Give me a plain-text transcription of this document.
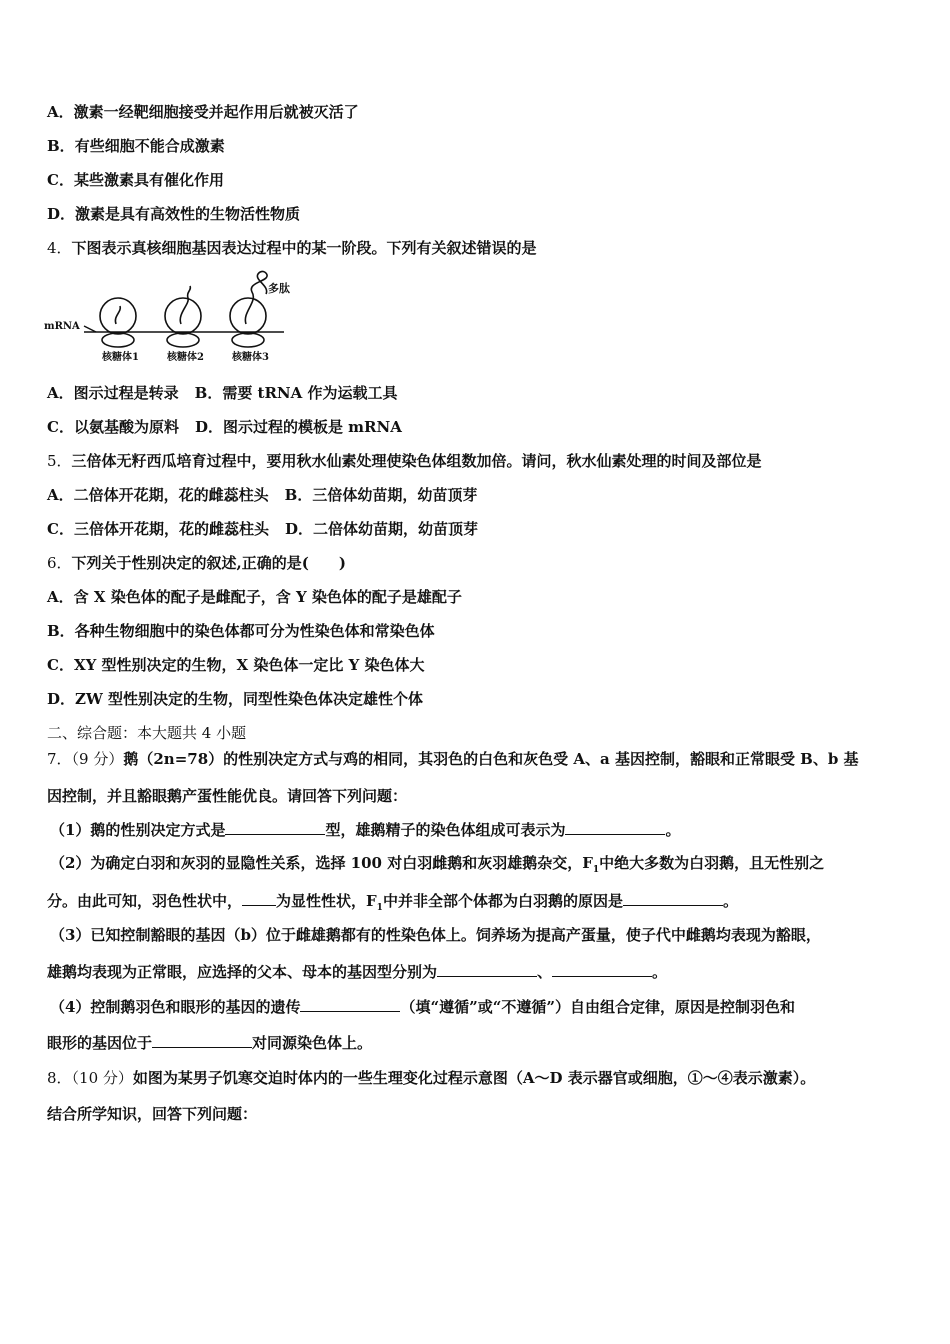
A．激素一经靶细胞接受并起作用后就被灭活了
B．有些细胞不能合成激素
C．某些激素具有催化作用
D．激素是具有高效性的生物活性物质
4．下图表示真核细胞基因表达过程中的某一阶段。下列有关叙述错误的是
mRNA
多肽
核糖体1	核糖体2	核糖体3
A．图示过程是转录 B．需要 tRNA 作为运载工具
C．以氨基酸为原料 D．图示过程的模板是 mRNA
5．三倍体无籽西瓜培育过程中，要用秋水仙素处理使染色体组数加倍。请问，秋水仙素处理的时间及部位是
A．二倍体开花期，花的雌蕊柱头 B．三倍体幼苗期，幼苗顶芽
C．三倍体开花期，花的雌蕊柱头 D．二倍体幼苗期，幼苗顶芽
6．下列关于性别决定的叙述,正确的是(　　)
A．含 X 染色体的配子是雌配子，含 Y 染色体的配子是雄配子
B．各种生物细胞中的染色体都可分为性染色体和常染色体
C．XY 型性别决定的生物，X 染色体一定比 Y 染色体大
D．ZW 型性别决定的生物，同型性染色体决定雄性个体
二、综合题：本大题共 4 小题
7．（9 分）鹅（2n=78）的性别决定方式与鸡的相同，其羽色的白色和灰色受 A、a 基因控制，豁眼和正常眼受 B、b 基
因控制，并且豁眼鹅产蛋性能优良。请回答下列问题：
（1）鹅的性别决定方式是	型，雄鹅精子的染色体组成可表示为	。
（2）为确定白羽和灰羽的显隐性关系，选择 100 对白羽雌鹅和灰羽雄鹅杂交，$F_1$中绝大多数为白羽鹅，且无性别之
分。由此可知，羽色性状中， 为显性性状，$F_1$中并非全部个体都为白羽鹅的原因是	。
（3）已知控制豁眼的基因（b）位于雌雄鹅都有的性染色体上。饲养场为提高产蛋量，使子代中雌鹅均表现为豁眼，
雄鹅均表现为正常眼，应选择的父本、母本的基因型分别为	、	。
（4）控制鹅羽色和眼形的基因的遗传	（填“遵循”或“不遵循”）自由组合定律，原因是控制羽色和
眼形的基因位于	对同源染色体上。
8．（10 分）如图为某男子饥寒交迫时体内的一些生理变化过程示意图（A～D 表示器官或细胞，①～④表示激素）。
结合所学知识，回答下列问题：
